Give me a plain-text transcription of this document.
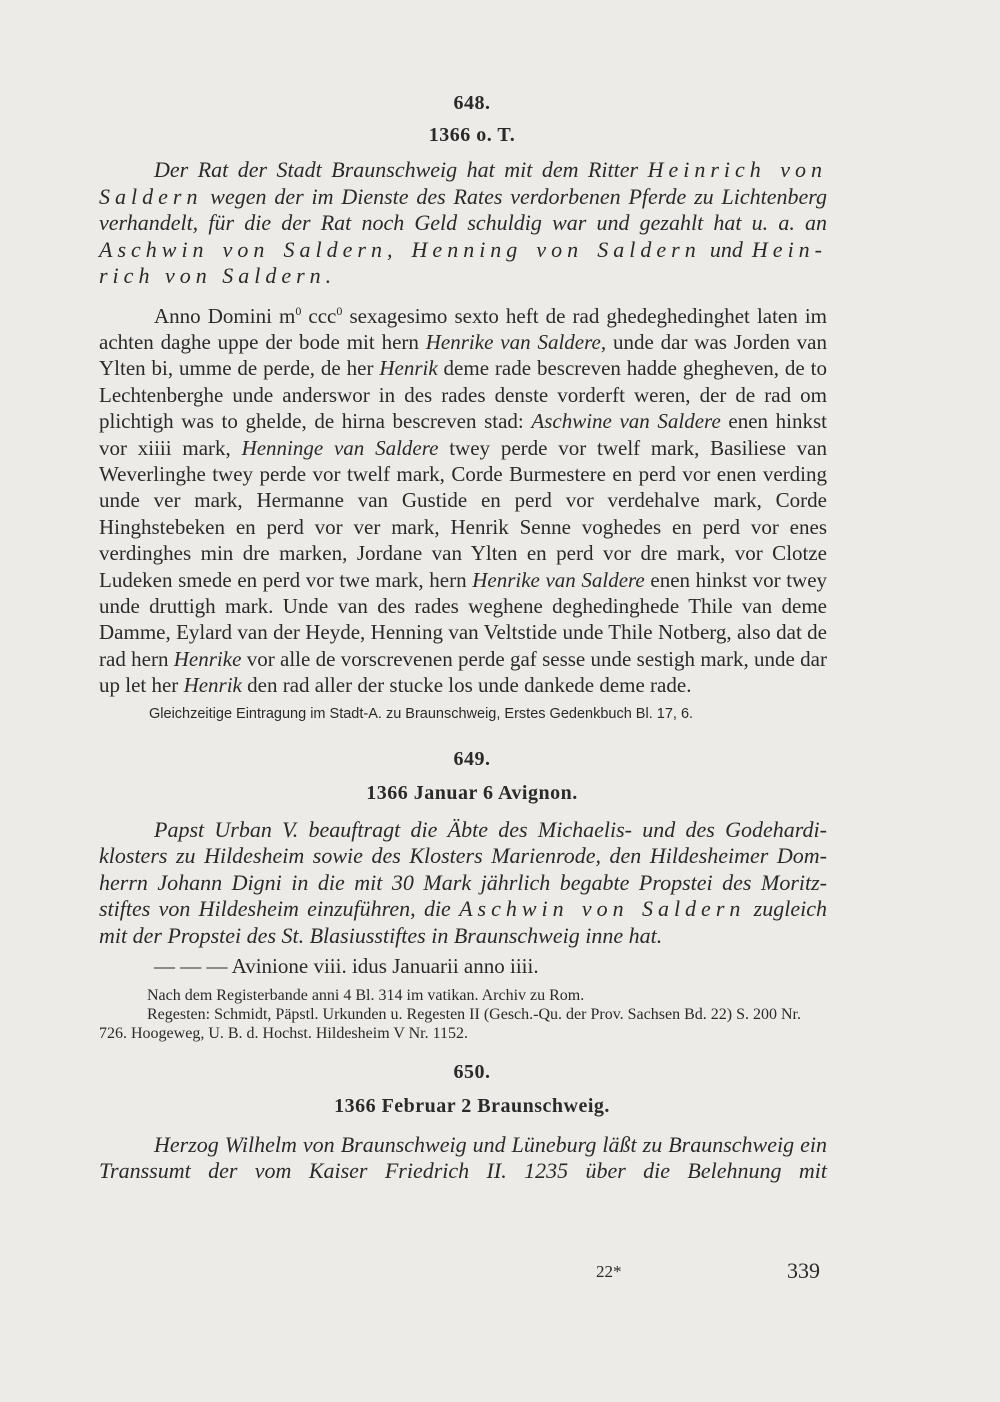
648.
1366 o. T.

Der Rat der Stadt Braunschweig hat mit dem Ritter Heinrich von Saldern wegen der im Dienste des Rates verdorbenen Pferde zu Lichtenberg verhandelt, für die der Rat noch Geld schuldig war und gezahlt hat u. a. an Aschwin von Saldern, Henning von Saldern und Hein- rich von Saldern.

Anno Domini $m^0$ ccc$^0$ sexagesimo sexto heft de rad ghedeghedinghet laten im achten daghe uppe der bode mit hern Henrike van Saldere, unde dar was Jorden van Ylten bi, umme de perde, de her Henrik deme rade bescreven hadde ghegheven, de to Lechtenberghe unde anderswor in des rades denste vorderft weren, der de rad om plichtigh was to ghelde, de hirna bescreven stad: Aschwine van Saldere enen hinkst vor xiiii mark, Henninge van Saldere twey perde vor twelf mark, Basiliese van Weverlinghe twey perde vor twelf mark, Corde Burmestere en perd vor enen verding unde ver mark, Hermanne van Gustide en perd vor verdehalve mark, Corde Hinghstebeken en perd vor ver mark, Henrik Senne voghedes en perd vor enes verdinghes min dre marken, Jordane van Ylten en perd vor dre mark, vor Clotze Ludeken smede en perd vor twe mark, hern Henrike van Saldere enen hinkst vor twey unde druttigh mark. Unde van des rades weghene deghedinghede Thile van deme Damme, Eylard van der Heyde, Henning van Veltstide unde Thile Notberg, also dat de rad hern Henrike vor alle de vorscrevenen perde gaf sesse unde sestigh mark, unde dar up let her Henrik den rad aller der stucke los unde dankede deme rade.

Gleichzeitige Eintragung im Stadt-A. zu Braunschweig, Erstes Gedenkbuch Bl. 17, 6.
649.
1366 Januar 6 Avignon.

Papst Urban V. beauftragt die Äbte des Michaelis- und des Godehardi-klosters zu Hildesheim sowie des Klosters Marienrode, den Hildesheimer Dom-herrn Johann Digni in die mit 30 Mark jährlich begabte Propstei des Moritz-stiftes von Hildesheim einzuführen, die Aschwin von Saldern zugleich mit der Propstei des St. Blasiusstiftes in Braunschweig inne hat.

— — — Avinione viii. idus Januarii anno iiii.

Nach dem Registerbande anni 4 Bl. 314 im vatikan. Archiv zu Rom.

Regesten: Schmidt, Päpstl. Urkunden u. Regesten II (Gesch.-Qu. der Prov. Sachsen Bd. 22) S. 200 Nr. 726. Hoogeweg, U. B. d. Hochst. Hildesheim V Nr. 1152.

650.
1366 Februar 2 Braunschweig.

Herzog Wilhelm von Braunschweig und Lüneburg läßt zu Braunschweig ein Transsumt der vom Kaiser Friedrich II. 1235 über die Belehnung mit

22*	339
